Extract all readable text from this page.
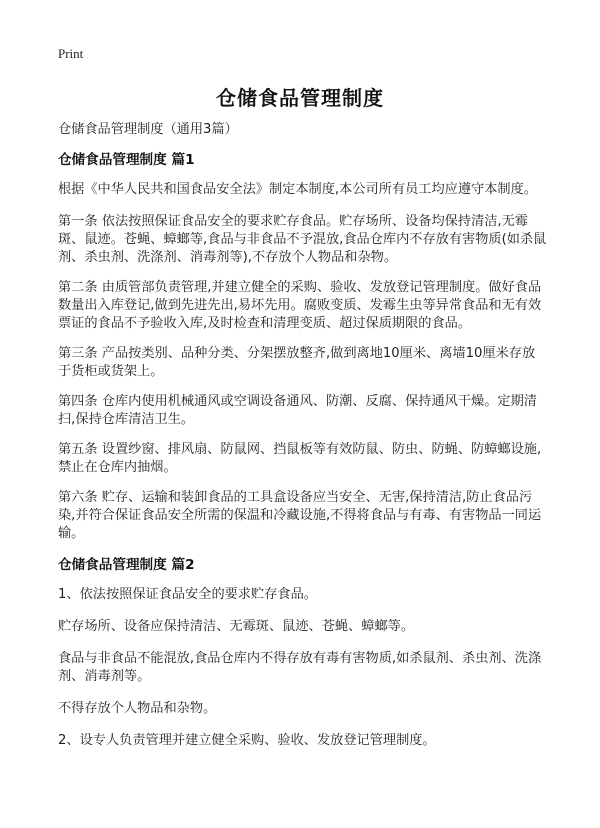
Print
仓储食品管理制度

仓储食品管理制度（通用3篇）

仓储食品管理制度 篇1

根据《中华人民共和国食品安全法》制定本制度,本公司所有员工均应遵守本制度。

第一条 依法按照保证食品安全的要求贮存食品。贮存场所、设备均保持清洁,无霉斑、鼠迹。苍蝇、蟑螂等,食品与非食品不予混放,食品仓库内不存放有害物质(如杀鼠剂、杀虫剂、洗涤剂、消毒剂等),不存放个人物品和杂物。

第二条 由质管部负责管理,并建立健全的采购、验收、发放登记管理制度。做好食品数量出入库登记,做到先进先出,易坏先用。腐败变质、发霉生虫等异常食品和无有效票证的食品不予验收入库,及时检查和清理变质、超过保质期限的食品。

第三条 产品按类别、品种分类、分架摆放整齐,做到离地10厘米、离墙10厘米存放于货柜或货架上。

第四条 仓库内使用机械通风或空调设备通风、防潮、反腐、保持通风干燥。定期清扫,保持仓库清洁卫生。

第五条 设置纱窗、排风扇、防鼠网、挡鼠板等有效防鼠、防虫、防蝇、防蟑螂设施,禁止在仓库内抽烟。

第六条 贮存、运输和装卸食品的工具盒设备应当安全、无害,保持清洁,防止食品污染,并符合保证食品安全所需的保温和冷藏设施,不得将食品与有毒、有害物品一同运输。

仓储食品管理制度 篇2

1、依法按照保证食品安全的要求贮存食品。

贮存场所、设备应保持清洁、无霉斑、鼠迹、苍蝇、蟑螂等。

食品与非食品不能混放,食品仓库内不得存放有毒有害物质,如杀鼠剂、杀虫剂、洗涤剂、消毒剂等。

不得存放个人物品和杂物。

2、设专人负责管理并建立健全采购、验收、发放登记管理制度。
